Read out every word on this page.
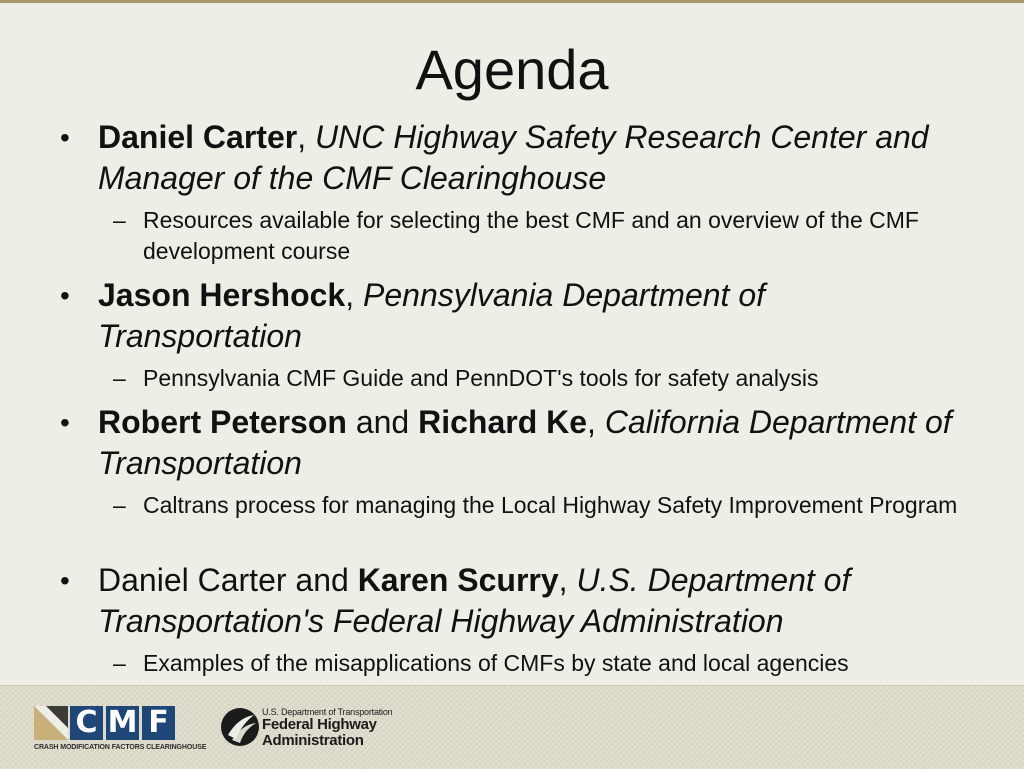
Agenda
• Daniel Carter, UNC Highway Safety Research Center and Manager of the CMF Clearinghouse
– Resources available for selecting the best CMF and an overview of the CMF development course
• Jason Hershock, Pennsylvania Department of Transportation
– Pennsylvania CMF Guide and PennDOT's tools for safety analysis
• Robert Peterson and Richard Ke, California Department of Transportation
– Caltrans process for managing the Local Highway Safety Improvement Program
• Daniel Carter and Karen Scurry, U.S. Department of Transportation's Federal Highway Administration
– Examples of the misapplications of CMFs by state and local agencies
C M F
CRASH MODIFICATION FACTORS CLEARINGHOUSE
U.S. Department of Transportation
Federal Highway
Administration
